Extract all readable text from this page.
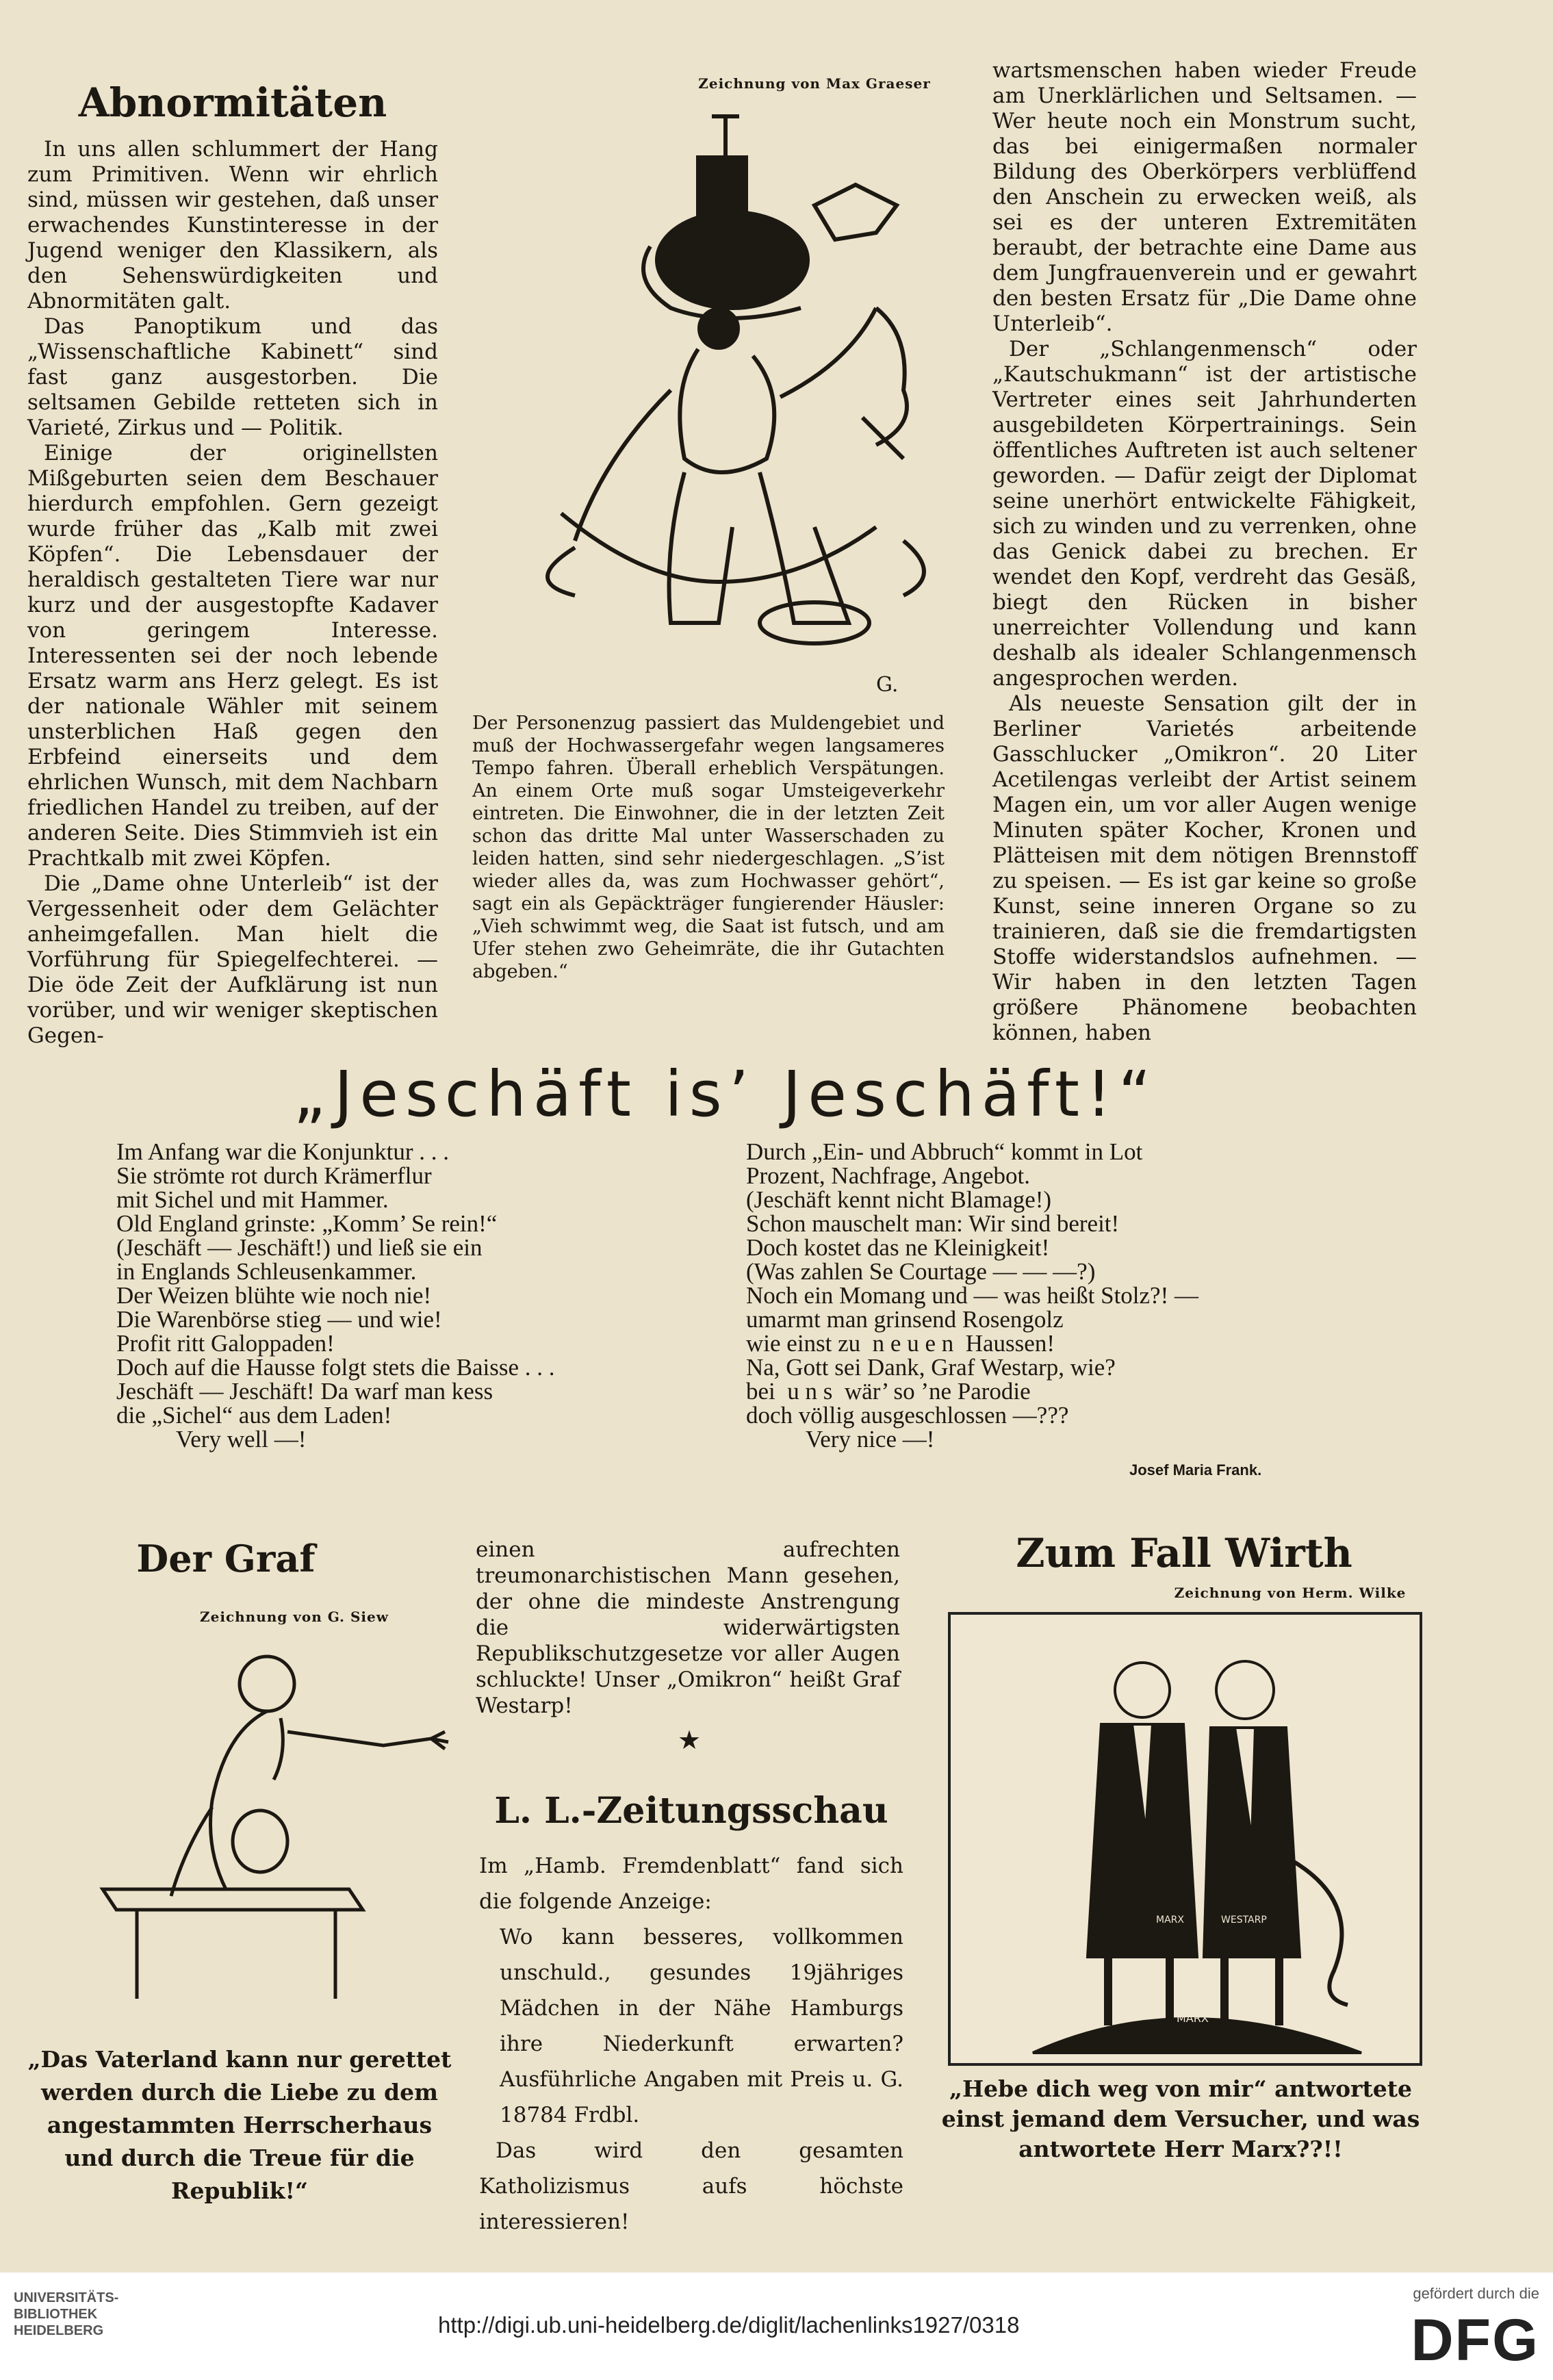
Abnormitäten

In uns allen schlummert der Hang zum Primitiven. Wenn wir ehrlich sind, müssen wir gestehen, daß unser erwachendes Kunstinteresse in der Jugend weniger den Klassikern, als den Sehenswürdigkeiten und Abnormitäten galt.

Das Panoptikum und das „Wissenschaftliche Kabinett“ sind fast ganz ausgestorben. Die seltsamen Gebilde retteten sich in Varieté, Zirkus und — Politik.

Einige der originellsten Mißgeburten seien dem Beschauer hierdurch empfohlen. Gern gezeigt wurde früher das „Kalb mit zwei Köpfen“. Die Lebensdauer der heraldisch gestalteten Tiere war nur kurz und der ausgestopfte Kadaver von geringem Interesse. Interessenten sei der noch lebende Ersatz warm ans Herz gelegt. Es ist der nationale Wähler mit seinem unsterblichen Haß gegen den Erbfeind einerseits und dem ehrlichen Wunsch, mit dem Nachbarn friedlichen Handel zu treiben, auf der anderen Seite. Dies Stimmvieh ist ein Prachtkalb mit zwei Köpfen.

Die „Dame ohne Unterleib“ ist der Vergessenheit oder dem Gelächter anheimgefallen. Man hielt die Vorführung für Spiegelfechterei. — Die öde Zeit der Aufklärung ist nun vorüber, und wir weniger skeptischen Gegen-

Zeichnung von Max Graeser
G.

Der Personenzug passiert das Muldengebiet und muß der Hochwassergefahr wegen langsameres Tempo fahren. Überall erheblich Verspätungen. An einem Orte muß sogar Umsteigeverkehr eintreten. Die Einwohner, die in der letzten Zeit schon das dritte Mal unter Wasserschaden zu leiden hatten, sind sehr niedergeschlagen. „S’ist wieder alles da, was zum Hochwasser gehört“, sagt ein als Gepäckträger fungierender Häusler: „Vieh schwimmt weg, die Saat ist futsch, und am Ufer stehen zwo Geheimräte, die ihr Gutachten abgeben.“

wartsmenschen haben wieder Freude am Unerklärlichen und Seltsamen. — Wer heute noch ein Monstrum sucht, das bei einigermaßen normaler Bildung des Oberkörpers verblüffend den Anschein zu erwecken weiß, als sei es der unteren Extremitäten beraubt, der betrachte eine Dame aus dem Jungfrauenverein und er gewahrt den besten Ersatz für „Die Dame ohne Unterleib“.

Der „Schlangenmensch“ oder „Kautschukmann“ ist der artistische Vertreter eines seit Jahrhunderten ausgebildeten Körpertrainings. Sein öffentliches Auftreten ist auch seltener geworden. — Dafür zeigt der Diplomat seine unerhört entwickelte Fähigkeit, sich zu winden und zu verrenken, ohne das Genick dabei zu brechen. Er wendet den Kopf, verdreht das Gesäß, biegt den Rücken in bisher unerreichter Vollendung und kann deshalb als idealer Schlangenmensch angesprochen werden.

Als neueste Sensation gilt der in Berliner Varietés arbeitende Gasschlucker „Omikron“. 20 Liter Acetilengas verleibt der Artist seinem Magen ein, um vor aller Augen wenige Minuten später Kocher, Kronen und Plätteisen mit dem nötigen Brennstoff zu speisen. — Es ist gar keine so große Kunst, seine inneren Organe so zu trainieren, daß sie die fremdartigsten Stoffe widerstandslos aufnehmen. — Wir haben in den letzten Tagen größere Phänomene beobachten können, haben

„Jeschäft is’ Jeschäft!“
Im Anfang war die Konjunktur . . .
Sie strömte rot durch Krämerflur
mit Sichel und mit Hammer.
Old England grinste: „Komm’ Se rein!“
(Jeschäft — Jeschäft!) und ließ sie ein
in Englands Schleusenkammer.
Der Weizen blühte wie noch nie!
Die Warenbörse stieg — und wie!
Profit ritt Galoppaden!
Doch auf die Hausse folgt stets die Baisse . . .
Jeschäft — Jeschäft! Da warf man kess
die „Sichel“ aus dem Laden!
Very well —!
Durch „Ein- und Abbruch“ kommt in Lot
Prozent, Nachfrage, Angebot.
(Jeschäft kennt nicht Blamage!)
Schon mauschelt man: Wir sind bereit!
Doch kostet das ne Kleinigkeit!
(Was zahlen Se Courtage — — —?)
Noch ein Momang und — was heißt Stolz?! —
umarmt man grinsend Rosengolz
wie einst zu  n e u e n  Haussen!
Na, Gott sei Dank, Graf Westarp, wie?
bei  u n s  wär’ so ’ne Parodie
doch völlig ausgeschlossen —???
Very nice —!
Josef Maria Frank.
Der Graf
Zeichnung von G. Siew
„Das Vaterland kann nur gerettet werden durch die Liebe zu dem angestammten Herrscherhaus und durch die Treue für die Republik!“

einen aufrechten treumonarchistischen Mann gesehen, der ohne die mindeste Anstrengung die widerwärtigsten Republikschutzgesetze vor aller Augen schluckte! Unser „Omikron“ heißt Graf Westarp!

★
L. L.-Zeitungsschau

Im „Hamb. Fremdenblatt“ fand sich die folgende Anzeige:

Wo kann besseres, vollkommen unschuld., gesundes 19jähriges Mädchen in der Nähe Hamburgs ihre Niederkunft erwarten? Ausführliche Angaben mit Preis u. G. 18784 Frdbl.

Das wird den gesamten Katholizismus aufs höchste interessieren!

Zum Fall Wirth
Zeichnung von Herm. Wilke
MARX	WESTARP
MARX
„Hebe dich weg von mir“ antwortete einst jemand dem Versucher, und was antwortete Herr Marx??!!
UNIVERSITÄTS-
BIBLIOTHEK
HEIDELBERG	http://digi.ub.uni-heidelberg.de/diglit/lachenlinks1927/0318
gefördert durch die
DFG
